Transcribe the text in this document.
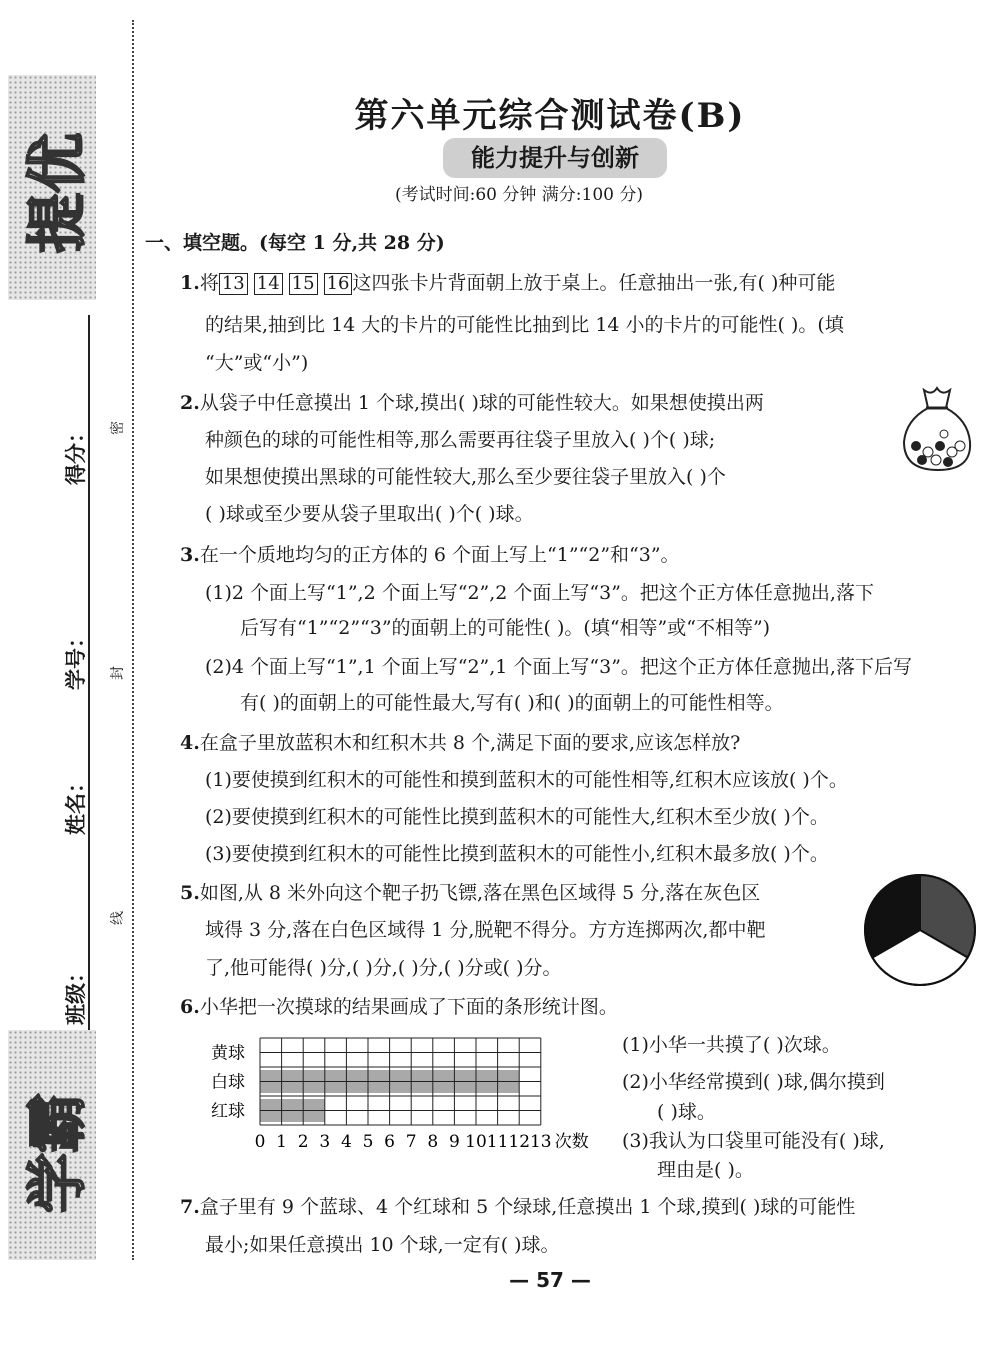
提优
学霸
得分：
学号：
姓名：
班级：
密
封
线
第六单元综合测试卷(B)
能力提升与创新
(考试时间:60 分钟 满分:100 分)
一、填空题。(每空 1 分,共 28 分)
1.将 13 14 15 16 这四张卡片背面朝上放于桌上。任意抽出一张,有( )种可能
的结果,抽到比 14 大的卡片的可能性比抽到比 14 小的卡片的可能性( )。(填
“大”或“小”)
2.从袋子中任意摸出 1 个球,摸出( )球的可能性较大。如果想使摸出两
种颜色的球的可能性相等,那么需要再往袋子里放入( )个( )球;
如果想使摸出黑球的可能性较大,那么至少要往袋子里放入( )个
( )球或至少要从袋子里取出( )个( )球。
3.在一个质地均匀的正方体的 6 个面上写上“1”“2”和“3”。
(1)2 个面上写“1”,2 个面上写“2”,2 个面上写“3”。把这个正方体任意抛出,落下
后写有“1”“2”“3”的面朝上的可能性( )。(填“相等”或“不相等”)
(2)4 个面上写“1”,1 个面上写“2”,1 个面上写“3”。把这个正方体任意抛出,落下后写
有( )的面朝上的可能性最大,写有( )和( )的面朝上的可能性相等。
4.在盒子里放蓝积木和红积木共 8 个,满足下面的要求,应该怎样放?
(1)要使摸到红积木的可能性和摸到蓝积木的可能性相等,红积木应该放( )个。
(2)要使摸到红积木的可能性比摸到蓝积木的可能性大,红积木至少放( )个。
(3)要使摸到红积木的可能性比摸到蓝积木的可能性小,红积木最多放( )个。
5.如图,从 8 米外向这个靶子扔飞镖,落在黑色区域得 5 分,落在灰色区
域得 3 分,落在白色区域得 1 分,脱靶不得分。方方连掷两次,都中靶
了,他可能得( )分,( )分,( )分,( )分或( )分。
6.小华把一次摸球的结果画成了下面的条形统计图。
黄球
白球
红球
0 1 2 3 4 5 6 7 8 9 10 11 12 13 次数
(1)小华一共摸了( )次球。
(2)小华经常摸到( )球,偶尔摸到
( )球。
(3)我认为口袋里可能没有( )球,
理由是( )。
7.盒子里有 9 个蓝球、4 个红球和 5 个绿球,任意摸出 1 个球,摸到( )球的可能性
最小;如果任意摸出 10 个球,一定有( )球。
— 57 —
